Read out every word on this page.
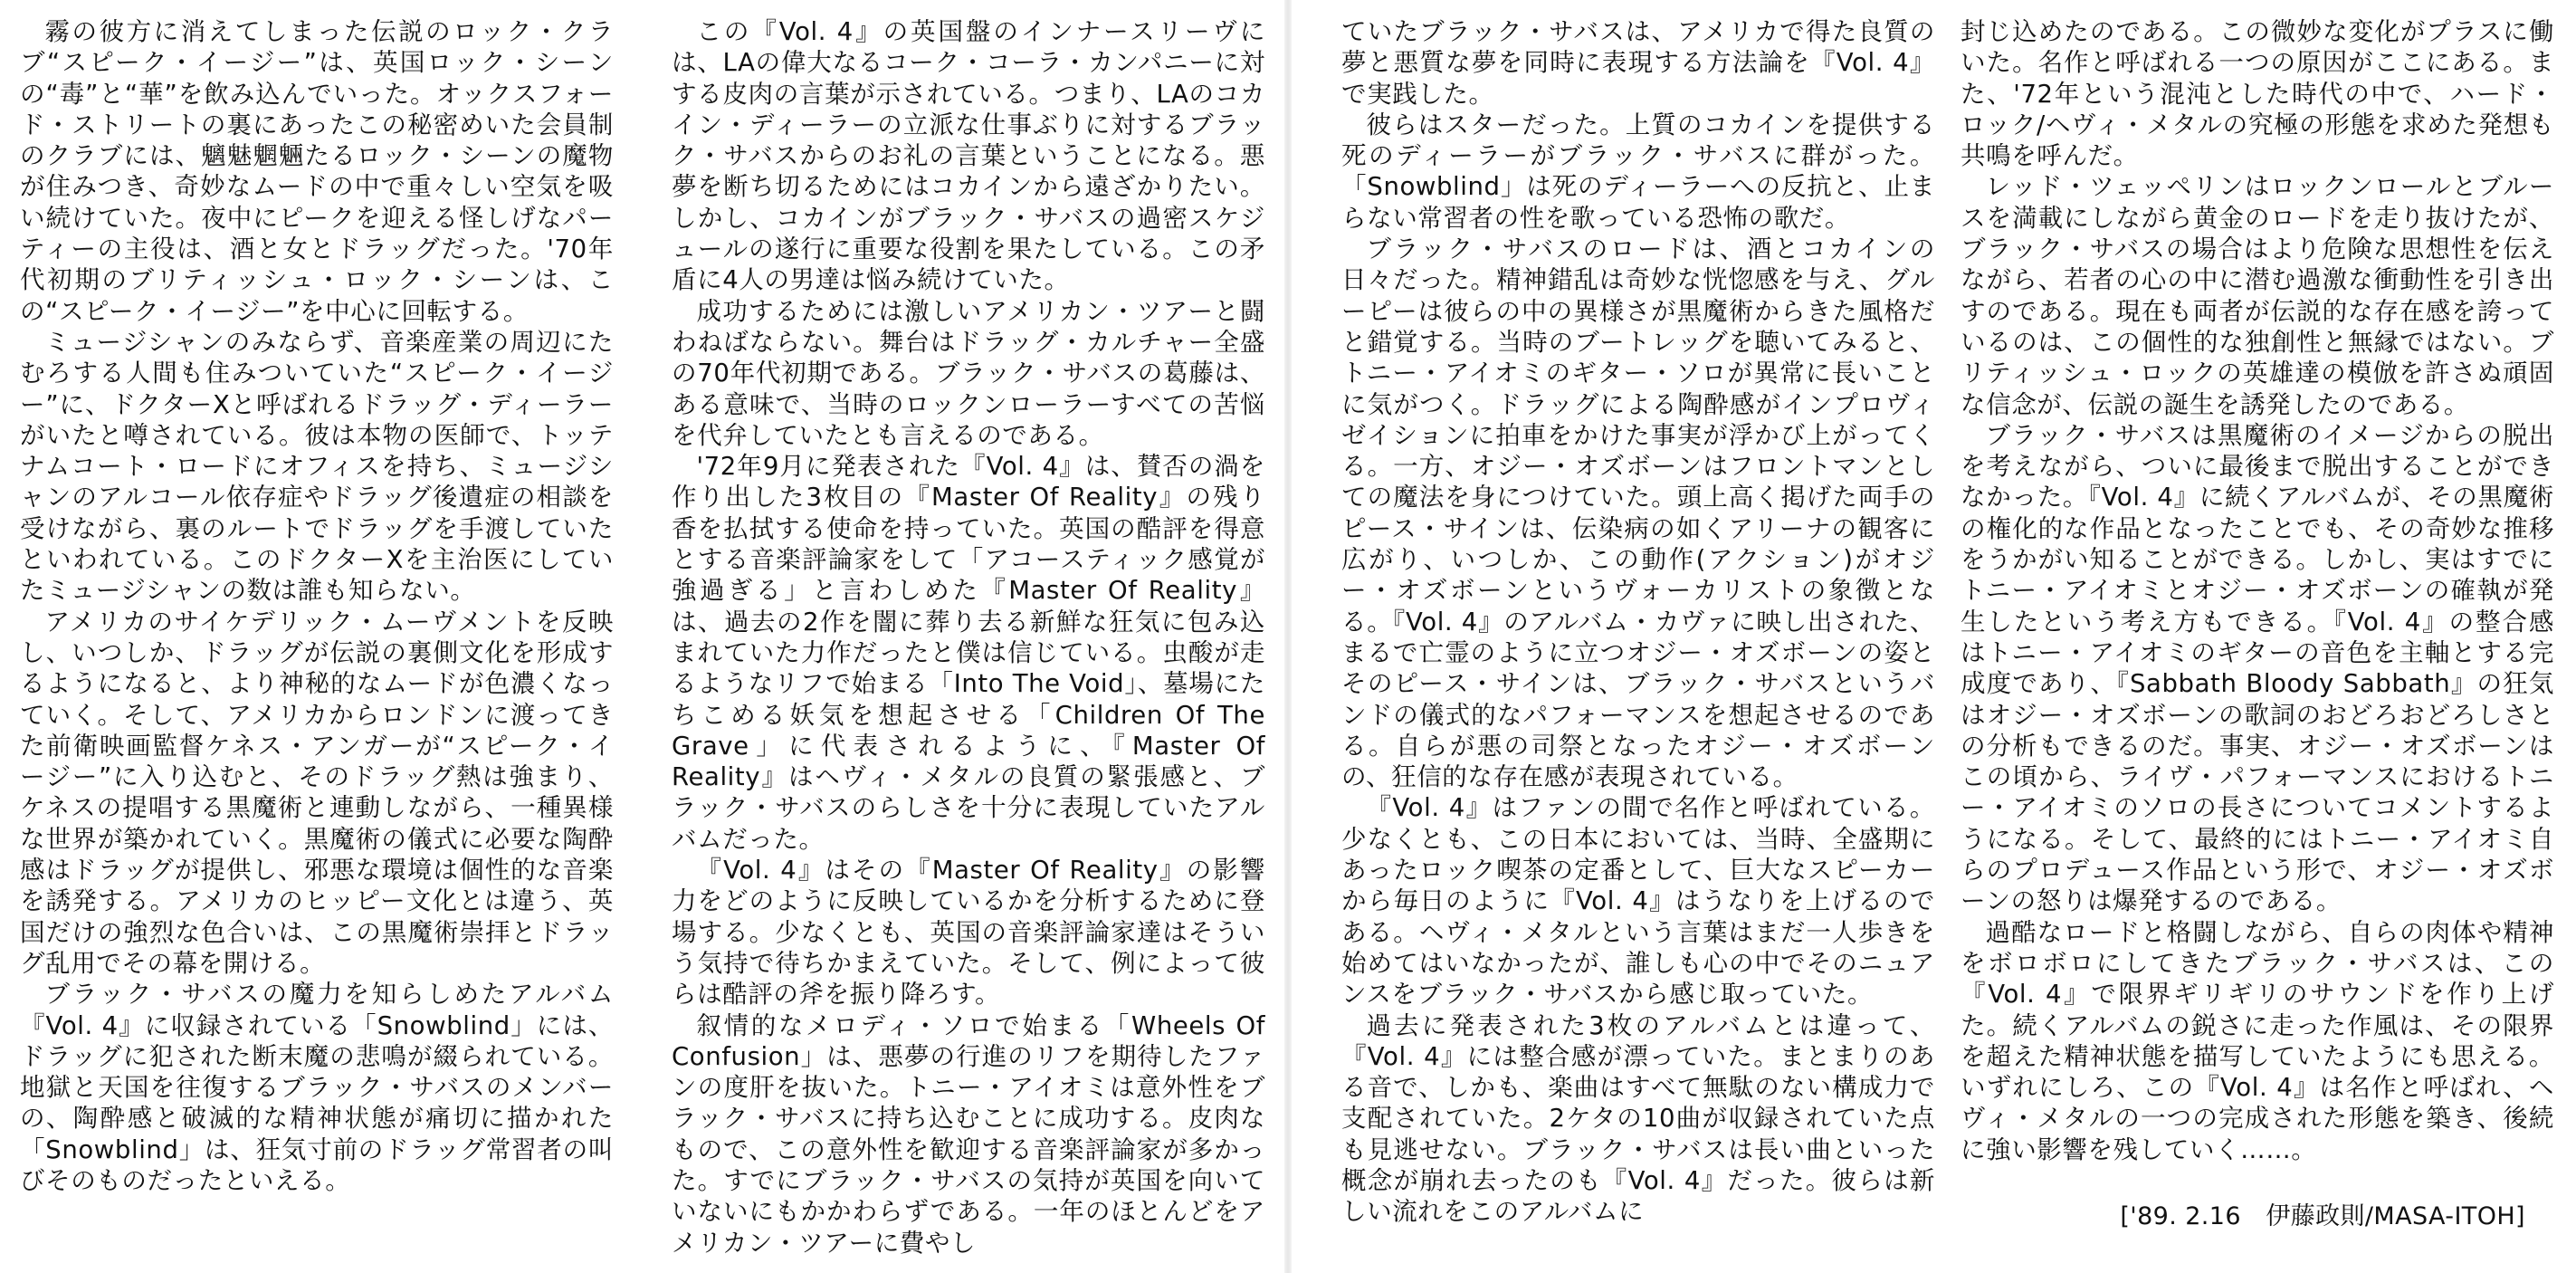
霧の彼方に消えてしまった伝説のロック・クラブ“スピーク・イージー”は、英国ロック・シーンの“毒”と“華”を飲み込んでいった。オックスフォード・ストリートの裏にあったこの秘密めいた会員制のクラブには、魑魅魍魎たるロック・シーンの魔物が住みつき、奇妙なムードの中で重々しい空気を吸い続けていた。夜中にピークを迎える怪しげなパーティーの主役は、酒と女とドラッグだった。'70年代初期のブリティッシュ・ロック・シーンは、この“スピーク・イージー”を中心に回転する。

ミュージシャンのみならず、音楽産業の周辺にたむろする人間も住みついていた“スピーク・イージー”に、ドクターXと呼ばれるドラッグ・ディーラーがいたと噂されている。彼は本物の医師で、トッテナムコート・ロードにオフィスを持ち、ミュージシャンのアルコール依存症やドラッグ後遺症の相談を受けながら、裏のルートでドラッグを手渡していたといわれている。このドクターXを主治医にしていたミュージシャンの数は誰も知らない。

アメリカのサイケデリック・ムーヴメントを反映し、いつしか、ドラッグが伝説の裏側文化を形成するようになると、より神秘的なムードが色濃くなっていく。そして、アメリカからロンドンに渡ってきた前衛映画監督ケネス・アンガーが“スピーク・イージー”に入り込むと、そのドラッグ熱は強まり、ケネスの提唱する黒魔術と連動しながら、一種異様な世界が築かれていく。黒魔術の儀式に必要な陶酔感はドラッグが提供し、邪悪な環境は個性的な音楽を誘発する。アメリカのヒッピー文化とは違う、英国だけの強烈な色合いは、この黒魔術崇拝とドラッグ乱用でその幕を開ける。

ブラック・サバスの魔力を知らしめたアルバム『Vol. 4』に収録されている「Snowblind」には、ドラッグに犯された断末魔の悲鳴が綴られている。地獄と天国を往復するブラック・サバスのメンバーの、陶酔感と破滅的な精神状態が痛切に描かれた「Snowblind」は、狂気寸前のドラッグ常習者の叫びそのものだったといえる。

この『Vol. 4』の英国盤のインナースリーヴには、LAの偉大なるコーク・コーラ・カンパニーに対する皮肉の言葉が示されている。つまり、LAのコカイン・ディーラーの立派な仕事ぶりに対するブラック・サバスからのお礼の言葉ということになる。悪夢を断ち切るためにはコカインから遠ざかりたい。しかし、コカインがブラック・サバスの過密スケジュールの遂行に重要な役割を果たしている。この矛盾に4人の男達は悩み続けていた。

成功するためには激しいアメリカン・ツアーと闘わねばならない。舞台はドラッグ・カルチャー全盛の70年代初期である。ブラック・サバスの葛藤は、ある意味で、当時のロックンローラーすべての苦悩を代弁していたとも言えるのである。

'72年9月に発表された『Vol. 4』は、賛否の渦を作り出した3枚目の『Master Of Reality』の残り香を払拭する使命を持っていた。英国の酷評を得意とする音楽評論家をして「アコースティック感覚が強過ぎる」と言わしめた『Master Of Reality』は、過去の2作を闇に葬り去る新鮮な狂気に包み込まれていた力作だったと僕は信じている。虫酸が走るようなリフで始まる「Into The Void」、墓場にたちこめる妖気を想起させる「Children Of The Grave」に代表されるように、『Master Of Reality』はヘヴィ・メタルの良質の緊張感と、ブラック・サバスのらしさを十分に表現していたアルバムだった。

『Vol. 4』はその『Master Of Reality』の影響力をどのように反映しているかを分析するために登場する。少なくとも、英国の音楽評論家達はそういう気持で待ちかまえていた。そして、例によって彼らは酷評の斧を振り降ろす。

叙情的なメロディ・ソロで始まる「Wheels Of Confusion」は、悪夢の行進のリフを期待したファンの度肝を抜いた。トニー・アイオミは意外性をブラック・サバスに持ち込むことに成功する。皮肉なもので、この意外性を歓迎する音楽評論家が多かった。すでにブラック・サバスの気持が英国を向いていないにもかかわらずである。一年のほとんどをアメリカン・ツアーに費やし

ていたブラック・サバスは、アメリカで得た良質の夢と悪質な夢を同時に表現する方法論を『Vol. 4』で実践した。

彼らはスターだった。上質のコカインを提供する死のディーラーがブラック・サバスに群がった。「Snowblind」は死のディーラーへの反抗と、止まらない常習者の性を歌っている恐怖の歌だ。

ブラック・サバスのロードは、酒とコカインの日々だった。精神錯乱は奇妙な恍惚感を与え、グルーピーは彼らの中の異様さが黒魔術からきた風格だと錯覚する。当時のブートレッグを聴いてみると、トニー・アイオミのギター・ソロが異常に長いことに気がつく。ドラッグによる陶酔感がインプロヴィゼイションに拍車をかけた事実が浮かび上がってくる。一方、オジー・オズボーンはフロントマンとしての魔法を身につけていた。頭上高く掲げた両手のピース・サインは、伝染病の如くアリーナの観客に広がり、いつしか、この動作(アクション)がオジー・オズボーンというヴォーカリストの象徴となる。『Vol. 4』のアルバム・カヴァに映し出された、まるで亡霊のように立つオジー・オズボーンの姿とそのピース・サインは、ブラック・サバスというバンドの儀式的なパフォーマンスを想起させるのである。自らが悪の司祭となったオジー・オズボーンの、狂信的な存在感が表現されている。

『Vol. 4』はファンの間で名作と呼ばれている。少なくとも、この日本においては、当時、全盛期にあったロック喫茶の定番として、巨大なスピーカーから毎日のように『Vol. 4』はうなりを上げるのである。ヘヴィ・メタルという言葉はまだ一人歩きを始めてはいなかったが、誰しも心の中でそのニュアンスをブラック・サバスから感じ取っていた。

過去に発表された3枚のアルバムとは違って、『Vol. 4』には整合感が漂っていた。まとまりのある音で、しかも、楽曲はすべて無駄のない構成力で支配されていた。2ケタの10曲が収録されていた点も見逃せない。ブラック・サバスは長い曲といった概念が崩れ去ったのも『Vol. 4』だった。彼らは新しい流れをこのアルバムに

封じ込めたのである。この微妙な変化がプラスに働いた。名作と呼ばれる一つの原因がここにある。また、'72年という混沌とした時代の中で、ハード・ロック/ヘヴィ・メタルの究極の形態を求めた発想も共鳴を呼んだ。

レッド・ツェッペリンはロックンロールとブルースを満載にしながら黄金のロードを走り抜けたが、ブラック・サバスの場合はより危険な思想性を伝えながら、若者の心の中に潜む過激な衝動性を引き出すのである。現在も両者が伝説的な存在感を誇っているのは、この個性的な独創性と無縁ではない。ブリティッシュ・ロックの英雄達の模倣を許さぬ頑固な信念が、伝説の誕生を誘発したのである。

ブラック・サバスは黒魔術のイメージからの脱出を考えながら、ついに最後まで脱出することができなかった。『Vol. 4』に続くアルバムが、その黒魔術の権化的な作品となったことでも、その奇妙な推移をうかがい知ることができる。しかし、実はすでにトニー・アイオミとオジー・オズボーンの確執が発生したという考え方もできる。『Vol. 4』の整合感はトニー・アイオミのギターの音色を主軸とする完成度であり、『Sabbath Bloody Sabbath』の狂気はオジー・オズボーンの歌詞のおどろおどろしさとの分析もできるのだ。事実、オジー・オズボーンはこの頃から、ライヴ・パフォーマンスにおけるトニー・アイオミのソロの長さについてコメントするようになる。そして、最終的にはトニー・アイオミ自らのプロデュース作品という形で、オジー・オズボーンの怒りは爆発するのである。

過酷なロードと格闘しながら、自らの肉体や精神をボロボロにしてきたブラック・サバスは、この『Vol. 4』で限界ギリギリのサウンドを作り上げた。続くアルバムの鋭さに走った作風は、その限界を超えた精神状態を描写していたようにも思える。いずれにしろ、この『Vol. 4』は名作と呼ばれ、ヘヴィ・メタルの一つの完成された形態を築き、後続に強い影響を残していく……。

['89. 2.16　伊藤政則/MASA-ITOH]
